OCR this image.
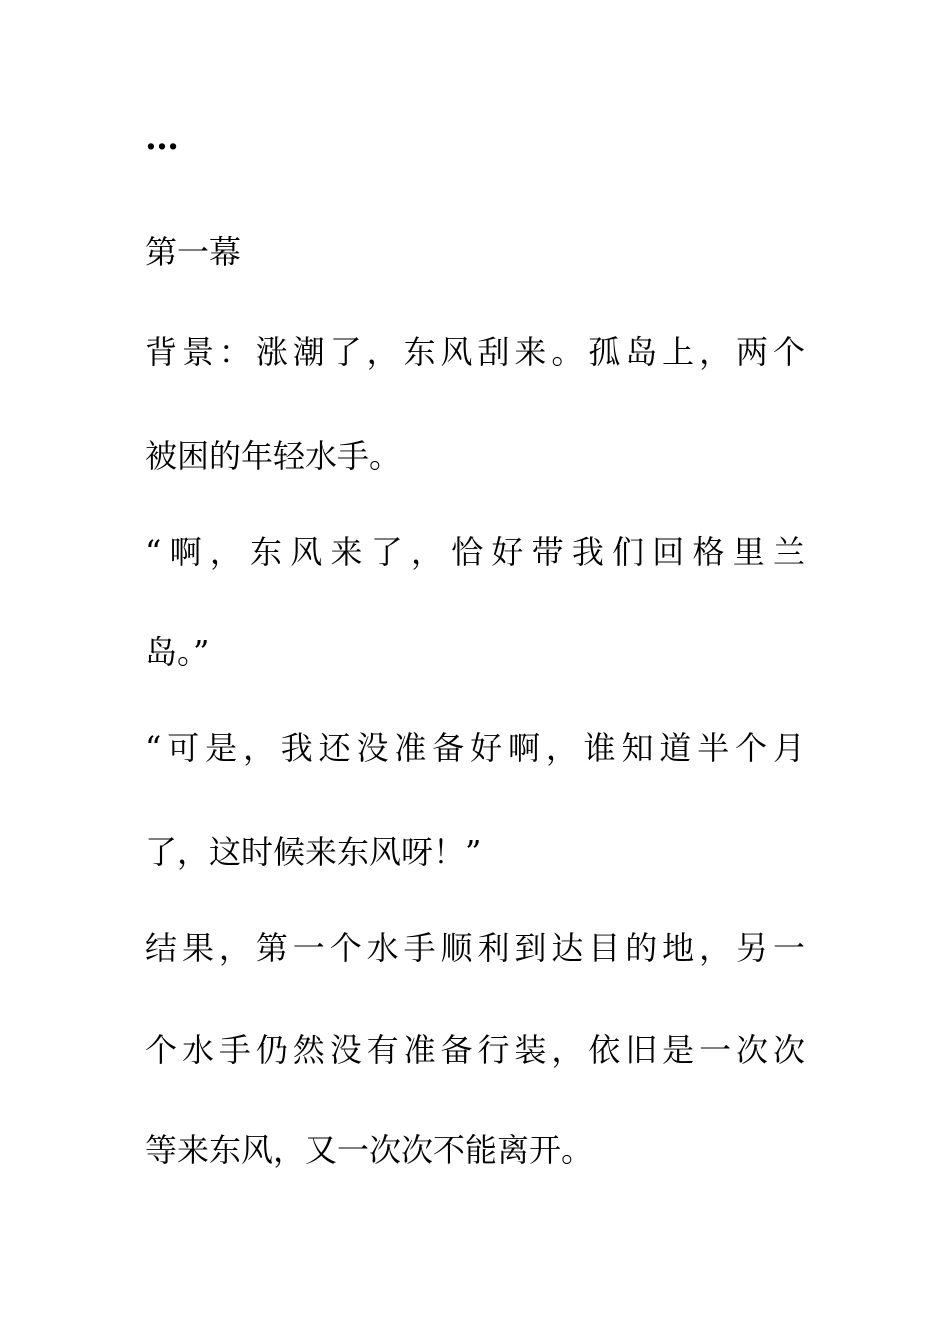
…
第一幕
背景：涨潮了，东风刮来。孤岛上，两个
被困的年轻水手。
“啊，东风来了，恰好带我们回格里兰
岛。”
“可是，我还没准备好啊，谁知道半个月
了，这时候来东风呀！”
结果，第一个水手顺利到达目的地，另一
个水手仍然没有准备行装，依旧是一次次
等来东风，又一次次不能离开。
